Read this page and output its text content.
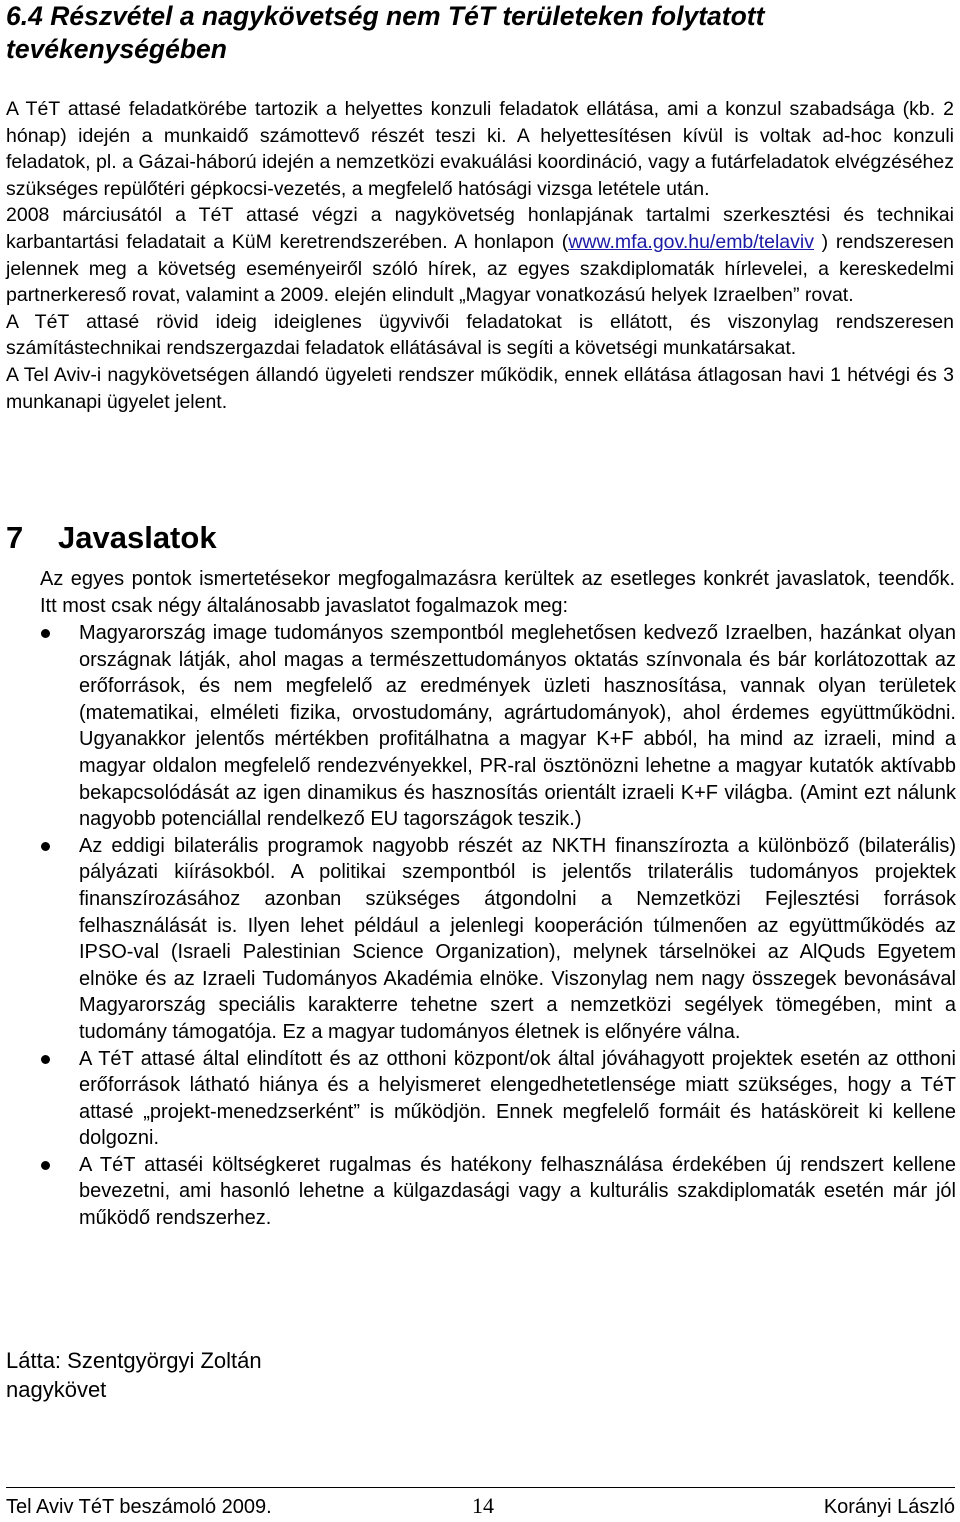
6.4 Részvétel a nagykövetség nem TéT területeken folytatott tevékenységében

A TéT attasé feladatkörébe tartozik a helyettes konzuli feladatok ellátása, ami a konzul szabadsága (kb. 2 hónap) idején a munkaidő számottevő részét teszi ki. A helyettesítésen kívül is voltak ad-hoc konzuli feladatok, pl. a Gázai-háború idején a nemzetközi evakuálási koordináció, vagy a futárfeladatok elvégzéséhez szükséges repülőtéri gépkocsi-vezetés, a megfelelő hatósági vizsga letétele után.

2008 márciusától a TéT attasé végzi a nagykövetség honlapjának tartalmi szerkesztési és technikai karbantartási feladatait a KüM keretrendszerében. A honlapon (www.mfa.gov.hu/emb/telaviv ) rendszeresen jelennek meg a követség eseményeiről szóló hírek, az egyes szakdiplomaták hírlevelei, a kereskedelmi partnerkereső rovat, valamint a 2009. elején elindult „Magyar vonatkozású helyek Izraelben” rovat.

A TéT attasé rövid ideig ideiglenes ügyvivői feladatokat is ellátott, és viszonylag rendszeresen számítástechnikai rendszergazdai feladatok ellátásával is segíti a követségi munkatársakat.

A Tel Aviv-i nagykövetségen állandó ügyeleti rendszer működik, ennek ellátása átlagosan havi 1 hétvégi és 3 munkanapi ügyelet jelent.

7 Javaslatok

Az egyes pontok ismertetésekor megfogalmazásra kerültek az esetleges konkrét javaslatok, teendők. Itt most csak négy általánosabb javaslatot fogalmazok meg:

Magyarország image tudományos szempontból meglehetősen kedvező Izraelben, hazánkat olyan országnak látják, ahol magas a természettudományos oktatás színvonala és bár korlátozottak az erőforrások, és nem megfelelő az eredmények üzleti hasznosítása, vannak olyan területek (matematikai, elméleti fizika, orvostudomány, agrártudományok), ahol érdemes együttműködni. Ugyanakkor jelentős mértékben profitálhatna a magyar K+F abból, ha mind az izraeli, mind a magyar oldalon megfelelő rendezvényekkel, PR-ral ösztönözni lehetne a magyar kutatók aktívabb bekapcsolódását az igen dinamikus és hasznosítás orientált izraeli K+F világba. (Amint ezt nálunk nagyobb potenciállal rendelkező EU tagországok teszik.)
Az eddigi bilaterális programok nagyobb részét az NKTH finanszírozta a különböző (bilaterális) pályázati kiírásokból. A politikai szempontból is jelentős trilaterális tudományos projektek finanszírozásához azonban szükséges átgondolni a Nemzetközi Fejlesztési források felhasználását is. Ilyen lehet például a jelenlegi kooperáción túlmenően az együttműködés az IPSO-val (Israeli Palestinian Science Organization), melynek társelnökei az AlQuds Egyetem elnöke és az Izraeli Tudományos Akadémia elnöke. Viszonylag nem nagy összegek bevonásával Magyarország speciális karakterre tehetne szert a nemzetközi segélyek tömegében, mint a tudomány támogatója. Ez a magyar tudományos életnek is előnyére válna.
A TéT attasé által elindított és az otthoni központ/ok által jóváhagyott projektek esetén az otthoni erőforrások látható hiánya és a helyismeret elengedhetetlensége miatt szükséges, hogy a TéT attasé „projekt-menedzserként” is működjön. Ennek megfelelő formáit és hatásköreit ki kellene dolgozni.
A TéT attaséi költségkeret rugalmas és hatékony felhasználása érdekében új rendszert kellene bevezetni, ami hasonló lehetne a külgazdasági vagy a kulturális szakdiplomaták esetén már jól működő rendszerhez.
Látta: Szentgyörgyi Zoltán
nagykövet
Tel Aviv TéT beszámoló 2009.	14	Korányi László
